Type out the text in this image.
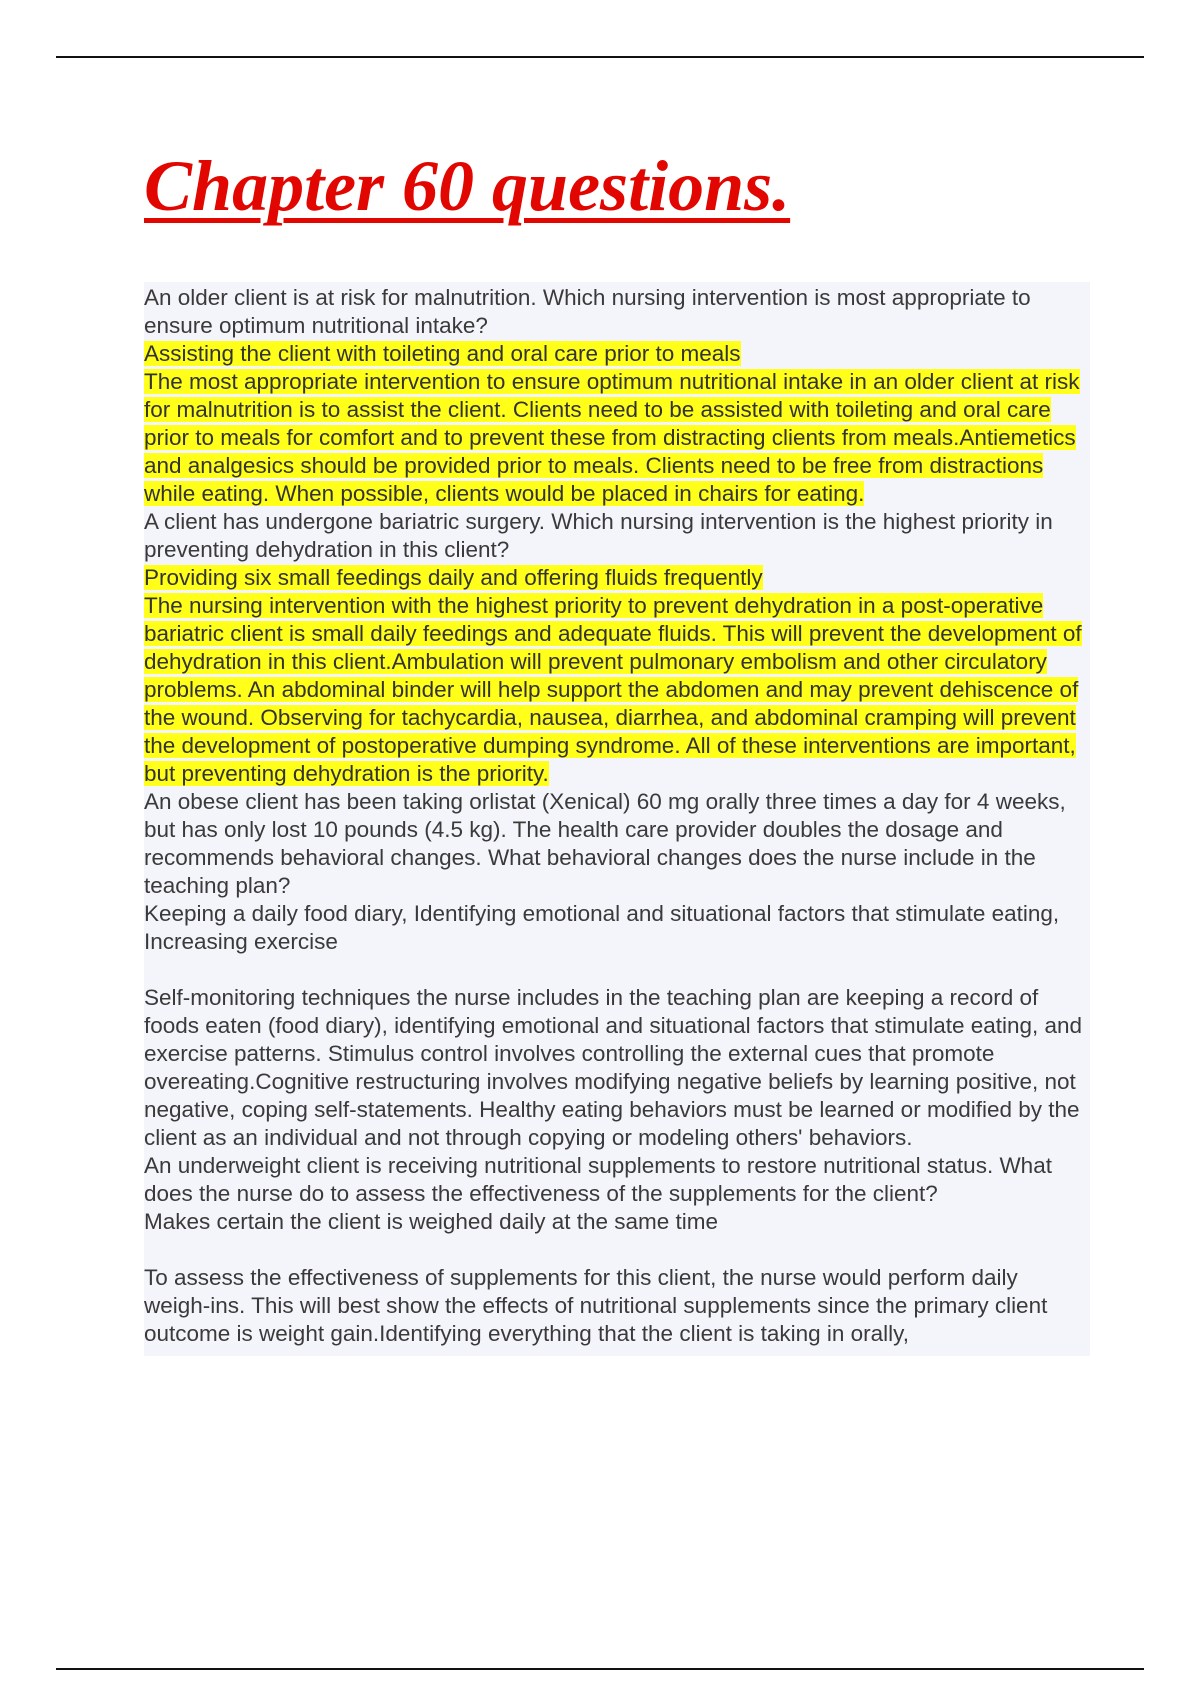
Chapter 60 questions.

An older client is at risk for malnutrition. Which nursing intervention is most appropriate to ensure optimum nutritional intake?

Assisting the client with toileting and oral care prior to meals

The most appropriate intervention to ensure optimum nutritional intake in an older client at risk for malnutrition is to assist the client. Clients need to be assisted with toileting and oral care prior to meals for comfort and to prevent these from distracting clients from meals.Antiemetics and analgesics should be provided prior to meals. Clients need to be free from distractions while eating. When possible, clients would be placed in chairs for eating.

A client has undergone bariatric surgery. Which nursing intervention is the highest priority in preventing dehydration in this client?

Providing six small feedings daily and offering fluids frequently

The nursing intervention with the highest priority to prevent dehydration in a post-operative bariatric client is small daily feedings and adequate fluids. This will prevent the development of dehydration in this client.Ambulation will prevent pulmonary embolism and other circulatory problems. An abdominal binder will help support the abdomen and may prevent dehiscence of the wound. Observing for tachycardia, nausea, diarrhea, and abdominal cramping will prevent the development of postoperative dumping syndrome. All of these interventions are important, but preventing dehydration is the priority.

An obese client has been taking orlistat (Xenical) 60 mg orally three times a day for 4 weeks, but has only lost 10 pounds (4.5 kg). The health care provider doubles the dosage and recommends behavioral changes. What behavioral changes does the nurse include in the teaching plan?

Keeping a daily food diary, Identifying emotional and situational factors that stimulate eating, Increasing exercise

Self-monitoring techniques the nurse includes in the teaching plan are keeping a record of foods eaten (food diary), identifying emotional and situational factors that stimulate eating, and exercise patterns. Stimulus control involves controlling the external cues that promote overeating.Cognitive restructuring involves modifying negative beliefs by learning positive, not negative, coping self-statements. Healthy eating behaviors must be learned or modified by the client as an individual and not through copying or modeling others' behaviors.

An underweight client is receiving nutritional supplements to restore nutritional status. What does the nurse do to assess the effectiveness of the supplements for the client?

Makes certain the client is weighed daily at the same time

To assess the effectiveness of supplements for this client, the nurse would perform daily weigh-ins. This will best show the effects of nutritional supplements since the primary client outcome is weight gain.Identifying everything that the client is taking in orally,
